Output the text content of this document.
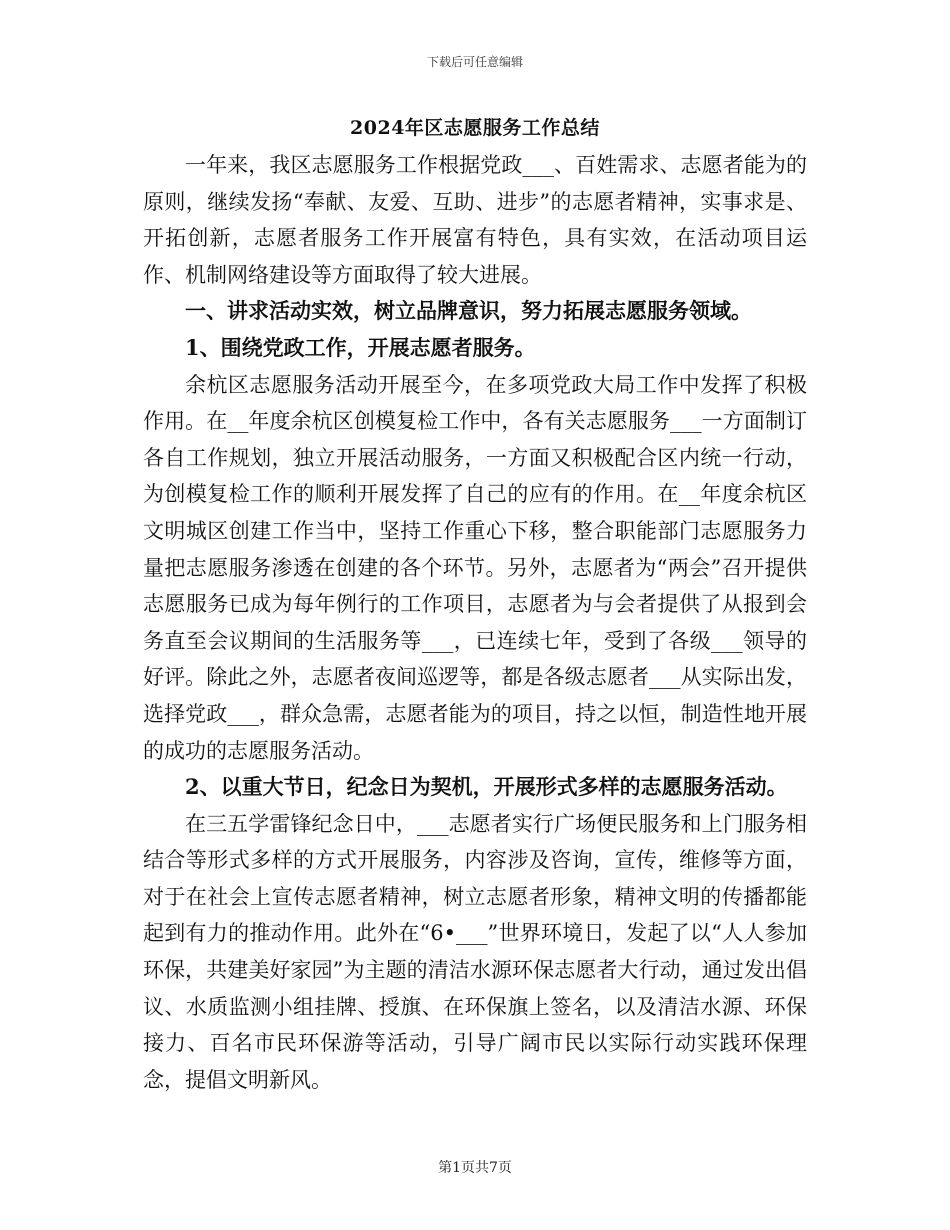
下载后可任意编辑
2024年区志愿服务工作总结

一年来，我区志愿服务工作根据党政___、百姓需求、志愿者能为的原则，继续发扬“奉献、友爱、互助、进步”的志愿者精神，实事求是、开拓创新，志愿者服务工作开展富有特色，具有实效，在活动项目运作、机制网络建设等方面取得了较大进展。

一、讲求活动实效，树立品牌意识，努力拓展志愿服务领域。

1、围绕党政工作，开展志愿者服务。

余杭区志愿服务活动开展至今，在多项党政大局工作中发挥了积极作用。在__年度余杭区创模复检工作中，各有关志愿服务___一方面制订各自工作规划，独立开展活动服务，一方面又积极配合区内统一行动，为创模复检工作的顺利开展发挥了自己的应有的作用。在__年度余杭区文明城区创建工作当中，坚持工作重心下移，整合职能部门志愿服务力量把志愿服务渗透在创建的各个环节。另外，志愿者为“两会”召开提供志愿服务已成为每年例行的工作项目，志愿者为与会者提供了从报到会务直至会议期间的生活服务等___，已连续七年，受到了各级___领导的好评。除此之外，志愿者夜间巡逻等，都是各级志愿者___从实际出发，选择党政___，群众急需，志愿者能为的项目，持之以恒，制造性地开展的成功的志愿服务活动。

2、以重大节日，纪念日为契机，开展形式多样的志愿服务活动。

在三五学雷锋纪念日中，___志愿者实行广场便民服务和上门服务相结合等形式多样的方式开展服务，内容涉及咨询，宣传，维修等方面，对于在社会上宣传志愿者精神，树立志愿者形象，精神文明的传播都能起到有力的推动作用。此外在“6•___”世界环境日，发起了以“人人参加环保，共建美好家园”为主题的清洁水源环保志愿者大行动，通过发出倡议、水质监测小组挂牌、授旗、在环保旗上签名，以及清洁水源、环保接力、百名市民环保游等活动，引导广阔市民以实际行动实践环保理念，提倡文明新风。

第1页共7页
